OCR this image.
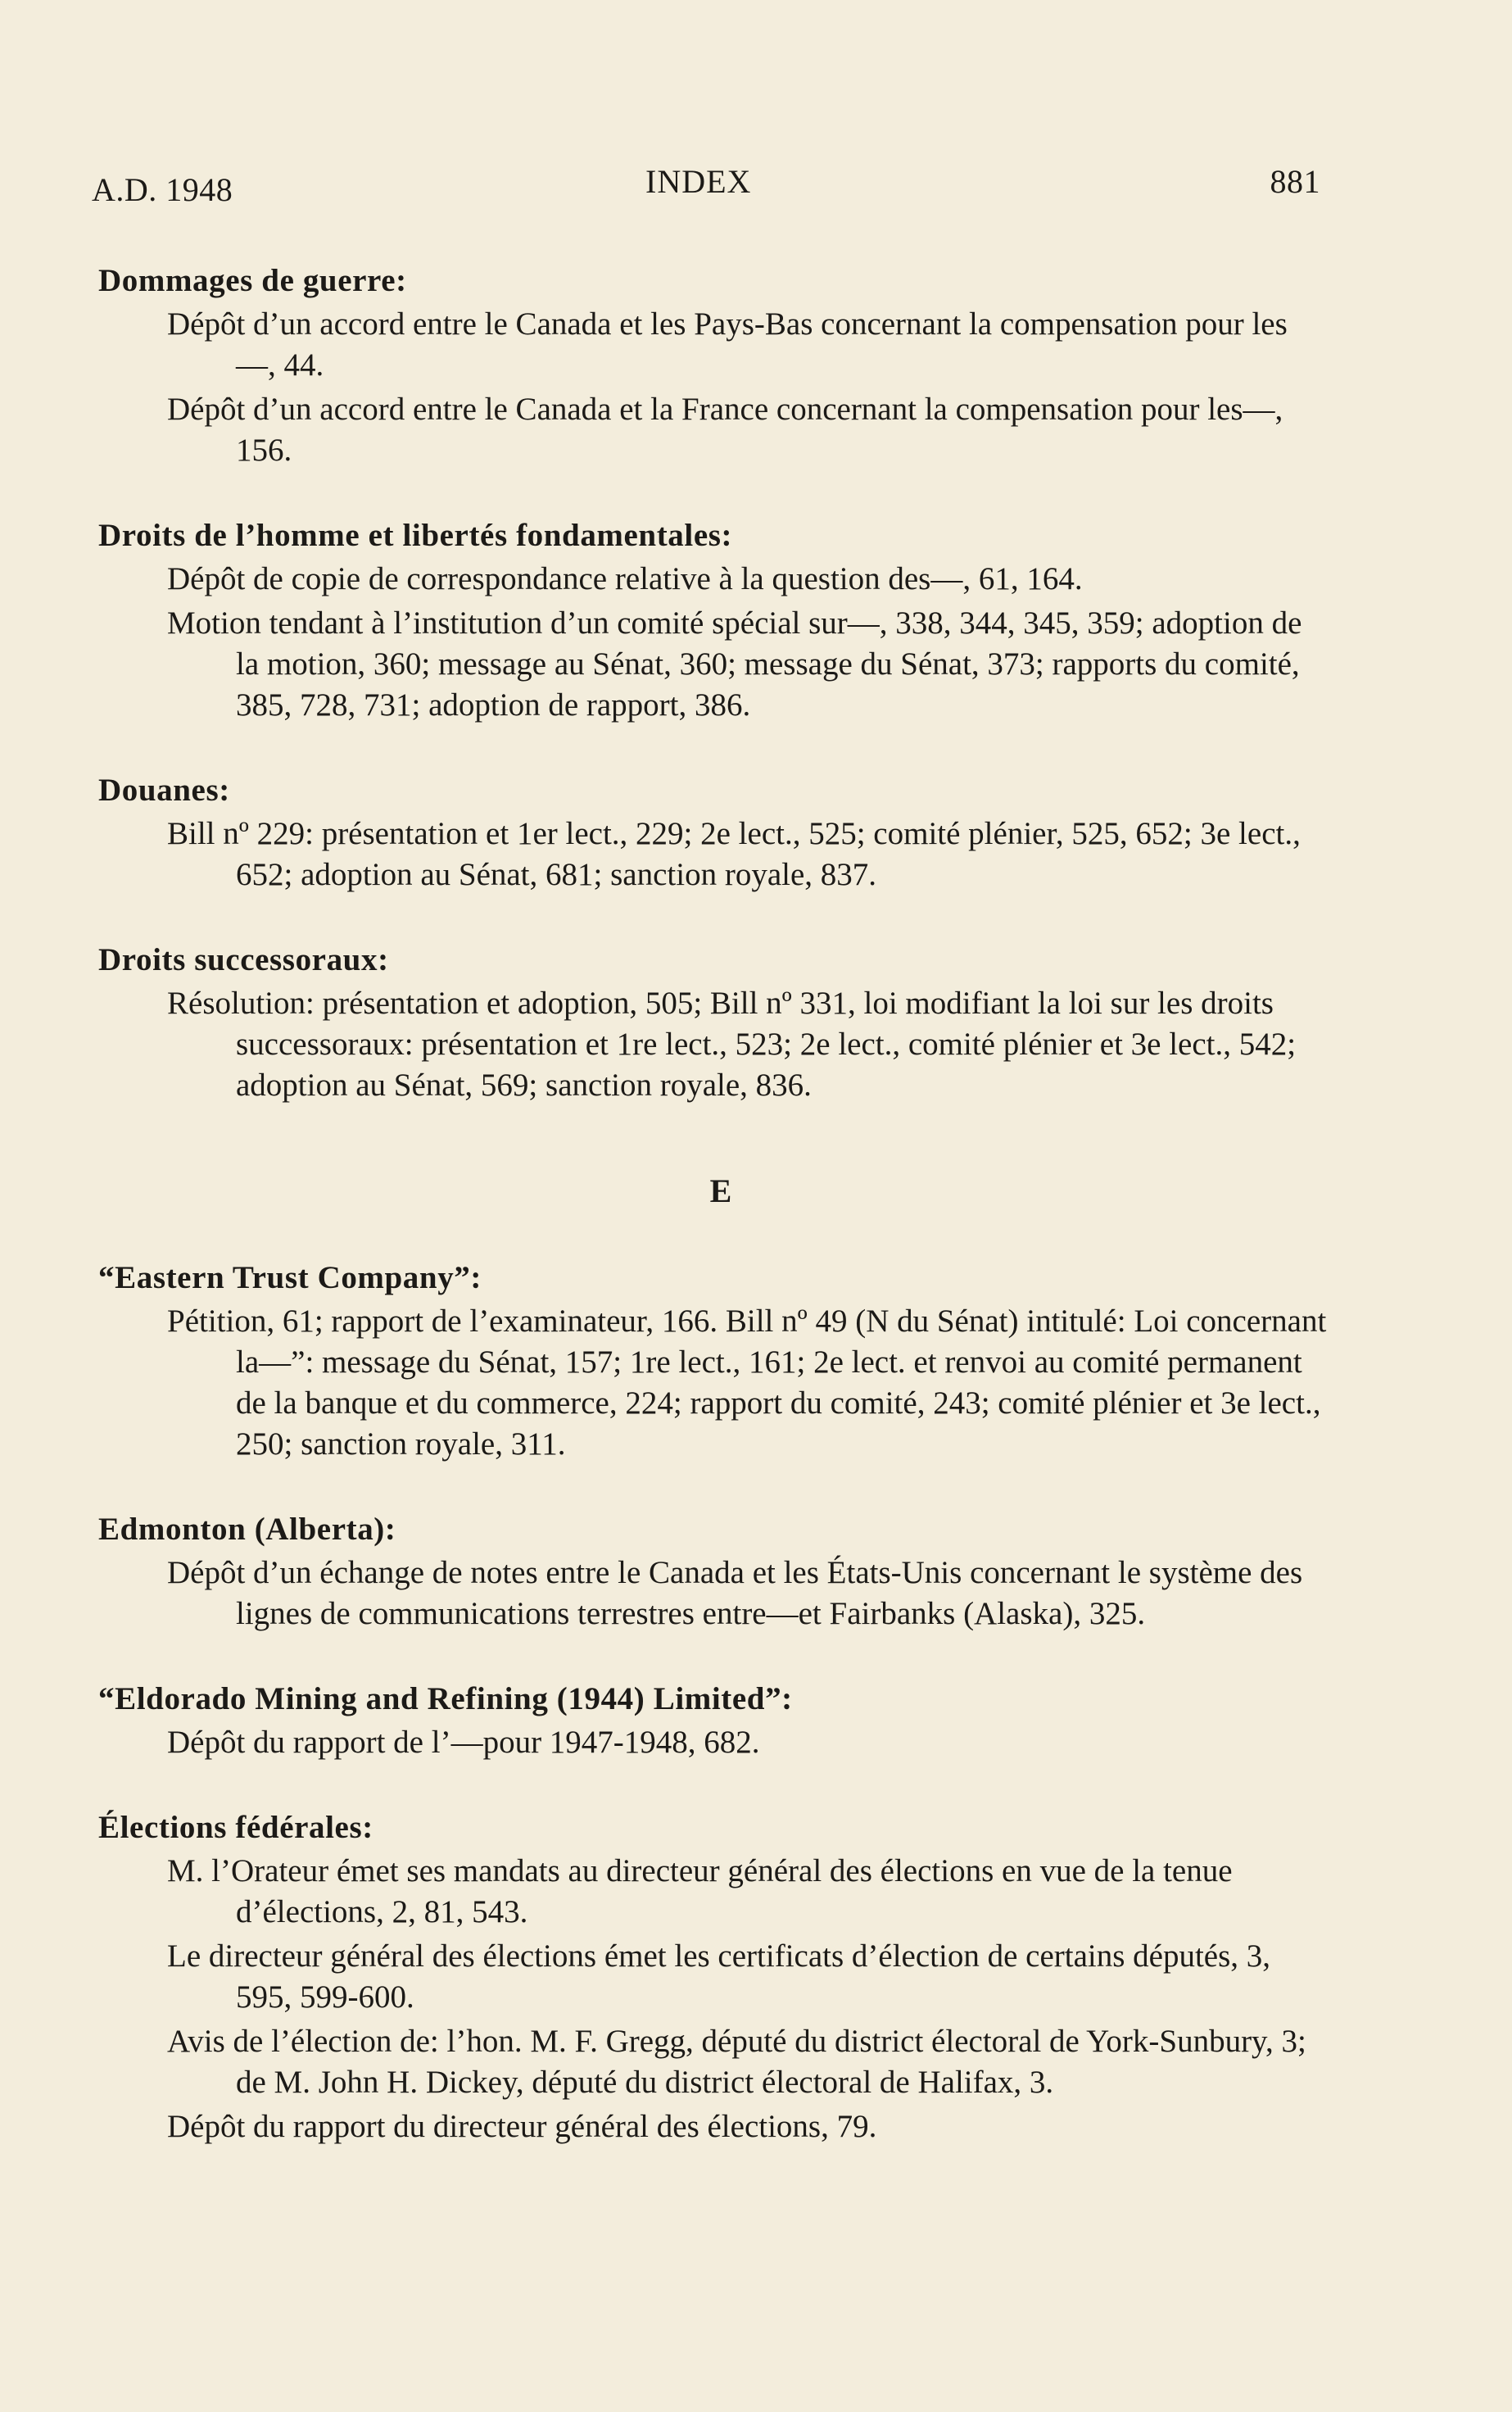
A.D. 1948	INDEX	881
Dommages de guerre:
Dépôt d’un accord entre le Canada et les Pays-Bas concernant la compensation pour les—, 44.
Dépôt d’un accord entre le Canada et la France concernant la compensation pour les—, 156.
Droits de l’homme et libertés fondamentales:
Dépôt de copie de correspondance relative à la question des—, 61, 164.
Motion tendant à l’institution d’un comité spécial sur—, 338, 344, 345, 359; adoption de la motion, 360; message au Sénat, 360; message du Sénat, 373; rapports du comité, 385, 728, 731; adoption de rapport, 386.
Douanes:
Bill nº 229: présentation et 1er lect., 229; 2e lect., 525; comité plénier, 525, 652; 3e lect., 652; adoption au Sénat, 681; sanction royale, 837.
Droits successoraux:
Résolution: présentation et adoption, 505; Bill nº 331, loi modifiant la loi sur les droits successoraux: présentation et 1re lect., 523; 2e lect., comité plénier et 3e lect., 542; adoption au Sénat, 569; sanction royale, 836.
E
“Eastern Trust Company”:
Pétition, 61; rapport de l’examinateur, 166. Bill nº 49 (N du Sénat) intitulé: Loi concernant la—”: message du Sénat, 157; 1re lect., 161; 2e lect. et renvoi au comité permanent de la banque et du commerce, 224; rapport du comité, 243; comité plénier et 3e lect., 250; sanction royale, 311.
Edmonton (Alberta):
Dépôt d’un échange de notes entre le Canada et les États-Unis concernant le système des lignes de communications terrestres entre—et Fairbanks (Alaska), 325.
“Eldorado Mining and Refining (1944) Limited”:
Dépôt du rapport de l’—pour 1947-1948, 682.
Élections fédérales:
M. l’Orateur émet ses mandats au directeur général des élections en vue de la tenue d’élections, 2, 81, 543.
Le directeur général des élections émet les certificats d’élection de certains députés, 3, 595, 599-600.
Avis de l’élection de: l’hon. M. F. Gregg, député du district électoral de York-Sunbury, 3; de M. John H. Dickey, député du district électoral de Halifax, 3.
Dépôt du rapport du directeur général des élections, 79.
